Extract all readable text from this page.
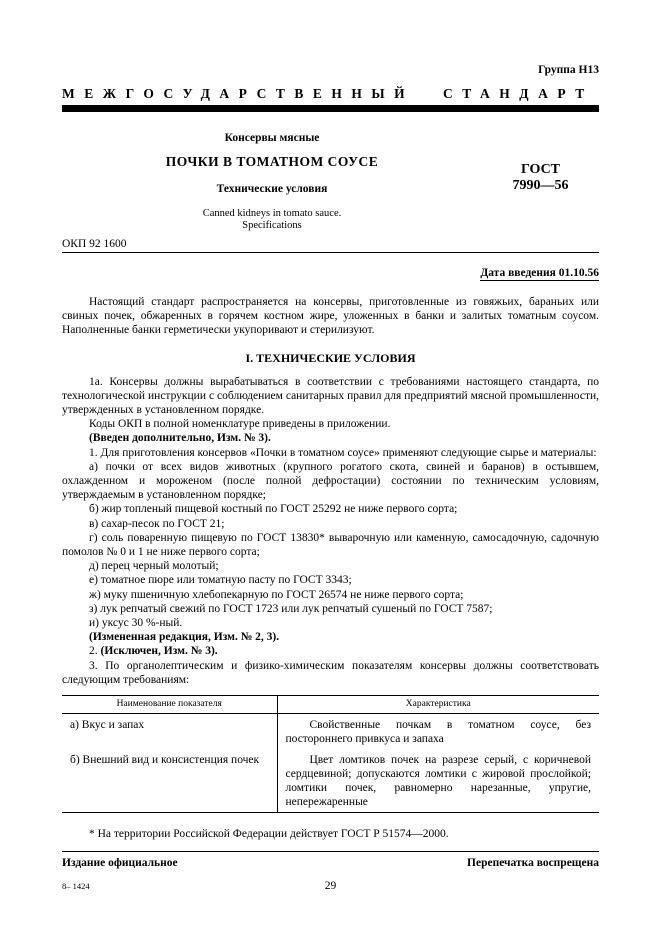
Группа Н13
МЕЖГОСУДАРСТВЕННЫЙ СТАНДАРТ
Консервы мясные
ПОЧКИ В ТОМАТНОМ СОУСЕ
Технические условия
Canned kidneys in tomato sauce.
Specifications
ГОСТ
7990—56
ОКП 92 1600
Дата введения 01.10.56

Настоящий стандарт распространяется на консервы, приготовленные из говяжьих, бараньих или свиных почек, обжаренных в горячем костном жире, уложенных в банки и залитых томатным соусом. Наполненные банки герметически укупоривают и стерилизуют.

I. ТЕХНИЧЕСКИЕ УСЛОВИЯ

1а. Консервы должны вырабатываться в соответствии с требованиями настоящего стандарта, по технологической инструкции с соблюдением санитарных правил для предприятий мясной промышленности, утвержденных в установленном порядке.

Коды ОКП в полной номенклатуре приведены в приложении.

(Введен дополнительно, Изм. № 3).

1. Для приготовления консервов «Почки в томатном соусе» применяют следующие сырье и материалы:

а) почки от всех видов животных (крупного рогатого скота, свиней и баранов) в остывшем, охлажденном и мороженом (после полной дефростации) состоянии по техническим условиям, утверждаемым в установленном порядке;

б) жир топленый пищевой костный по ГОСТ 25292 не ниже первого сорта;

в) сахар-песок по ГОСТ 21;

г) соль поваренную пищевую по ГОСТ 13830* выварочную или каменную, самосадочную, садочную помолов № 0 и 1 не ниже первого сорта;

д) перец черный молотый;

е) томатное пюре или томатную пасту по ГОСТ 3343;

ж) муку пшеничную хлебопекарную по ГОСТ 26574 не ниже первого сорта;

з) лук репчатый свежий по ГОСТ 1723 или лук репчатый сушеный по ГОСТ 7587;

и) уксус 30 %-ный.

(Измененная редакция, Изм. № 2, 3).

2. (Исключен, Изм. № 3).

3. По органолептическим и физико-химическим показателям консервы должны соответствовать следующим требованиям:

Наименование показателя	Характеристика
а) Вкус и запах	Свойственные почкам в томатном соусе, без постороннего привкуса и запаха
б) Внешний вид и консистенция почек	Цвет ломтиков почек на разрезе серый, с коричневой сердцевиной; допускаются ломтики с жировой прослойкой; ломтики почек, равномерно нарезанные, упругие, непережаренные

* На территории Российской Федерации действует ГОСТ Р 51574—2000.

Издание официальное	Перепечатка воспрещена
8– 1424	29
